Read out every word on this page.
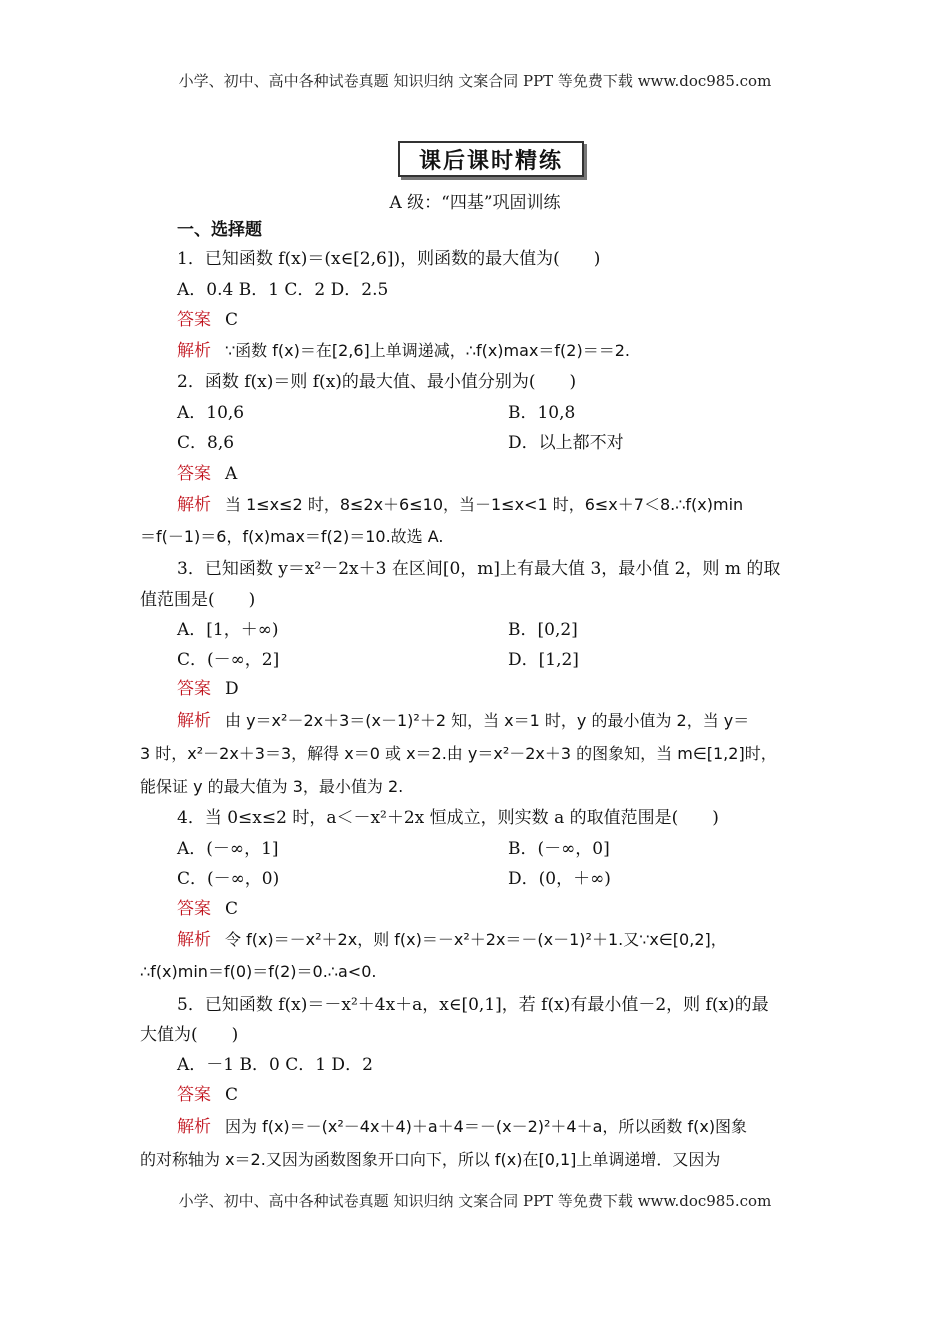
小学、初中、高中各种试卷真题 知识归纳 文案合同 PPT 等免费下载 www.doc985.com
课后课时精练
A 级：“四基”巩固训练
一、选择题
1．已知函数 f(x)＝(x∈[2,6])，则函数的最大值为(　　)
A．0.4 B．1 C．2 D．2.5
答案 C
解析 ∵函数 f(x)＝在[2,6]上单调递减，∴f(x)max＝f(2)＝＝2.
2．函数 f(x)＝则 f(x)的最大值、最小值分别为(　　)
A．10,6	B．10,8
C．8,6	D．以上都不对
答案 A
解析 当 1≤x≤2 时，8≤2x＋6≤10，当－1≤x<1 时，6≤x＋7＜8.∴f(x)min
＝f(－1)＝6，f(x)max＝f(2)＝10.故选 A.
3．已知函数 y＝x²－2x＋3 在区间[0，m]上有最大值 3，最小值 2，则 m 的取
值范围是(　　)
A．[1，＋∞)	B．[0,2]
C．(－∞，2]	D．[1,2]
答案 D
解析 由 y＝x²－2x＋3＝(x－1)²＋2 知，当 x＝1 时，y 的最小值为 2，当 y＝
3 时，x²－2x＋3＝3，解得 x＝0 或 x＝2.由 y＝x²－2x＋3 的图象知，当 m∈[1,2]时，
能保证 y 的最大值为 3，最小值为 2.
4．当 0≤x≤2 时，a＜－x²＋2x 恒成立，则实数 a 的取值范围是(　　)
A．(－∞，1]	B．(－∞，0]
C．(－∞，0)	D．(0，＋∞)
答案 C
解析 令 f(x)＝－x²＋2x，则 f(x)＝－x²＋2x＝－(x－1)²＋1.又∵x∈[0,2]，
∴f(x)min＝f(0)＝f(2)＝0.∴a<0.
5．已知函数 f(x)＝－x²＋4x＋a，x∈[0,1]，若 f(x)有最小值－2，则 f(x)的最
大值为(　　)
A．－1 B．0 C．1 D．2
答案 C
解析 因为 f(x)＝－(x²－4x＋4)＋a＋4＝－(x－2)²＋4＋a，所以函数 f(x)图象
的对称轴为 x＝2.又因为函数图象开口向下，所以 f(x)在[0,1]上单调递增．又因为
小学、初中、高中各种试卷真题 知识归纳 文案合同 PPT 等免费下载 www.doc985.com
